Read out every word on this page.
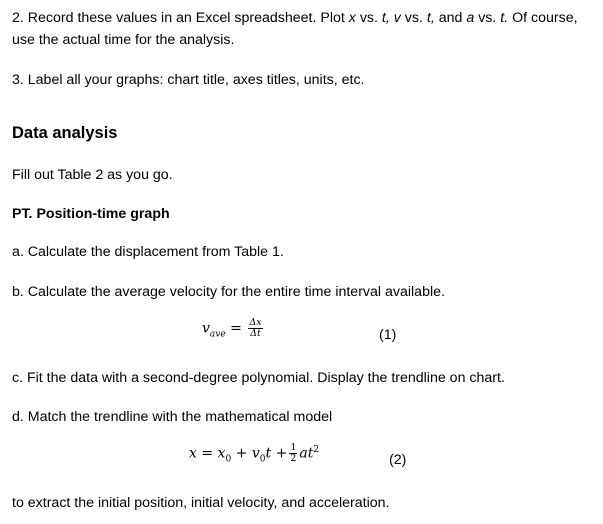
2. Record these values in an Excel spreadsheet. Plot x vs. t, v vs. t, and a vs. t. Of course,
use the actual time for the analysis.
3. Label all your graphs: chart title, axes titles, units, etc.
Data analysis
Fill out Table 2 as you go.
PT. Position-time graph
a. Calculate the displacement from Table 1.
b. Calculate the average velocity for the entire time interval available.
$v_{ave} = \frac{\Delta x}{\Delta t}$	(1)
c. Fit the data with a second-degree polynomial. Display the trendline on chart.
d. Match the trendline with the mathematical model
$x = x_0 + v_0t + \frac{1}{2} at^2$
(2)
to extract the initial position, initial velocity, and acceleration.
